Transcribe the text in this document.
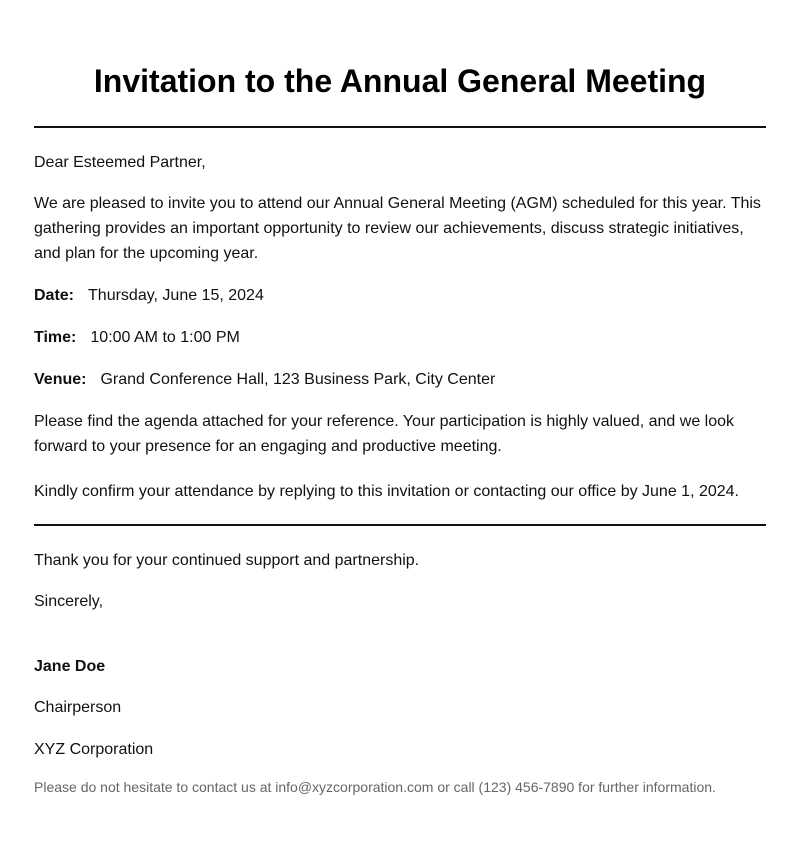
Invitation to the Annual General Meeting

Dear Esteemed Partner,

We are pleased to invite you to attend our Annual General Meeting (AGM) scheduled for this year. This gathering provides an important opportunity to review our achievements, discuss strategic initiatives, and plan for the upcoming year.

Date: Thursday, June 15, 2024

Time: 10:00 AM to 1:00 PM

Venue: Grand Conference Hall, 123 Business Park, City Center

Please find the agenda attached for your reference. Your participation is highly valued, and we look forward to your presence for an engaging and productive meeting.

Kindly confirm your attendance by replying to this invitation or contacting our office by June 1, 2024.

Thank you for your continued support and partnership.

Sincerely,

Jane Doe

Chairperson

XYZ Corporation

Please do not hesitate to contact us at info@xyzcorporation.com or call (123) 456-7890 for further information.
